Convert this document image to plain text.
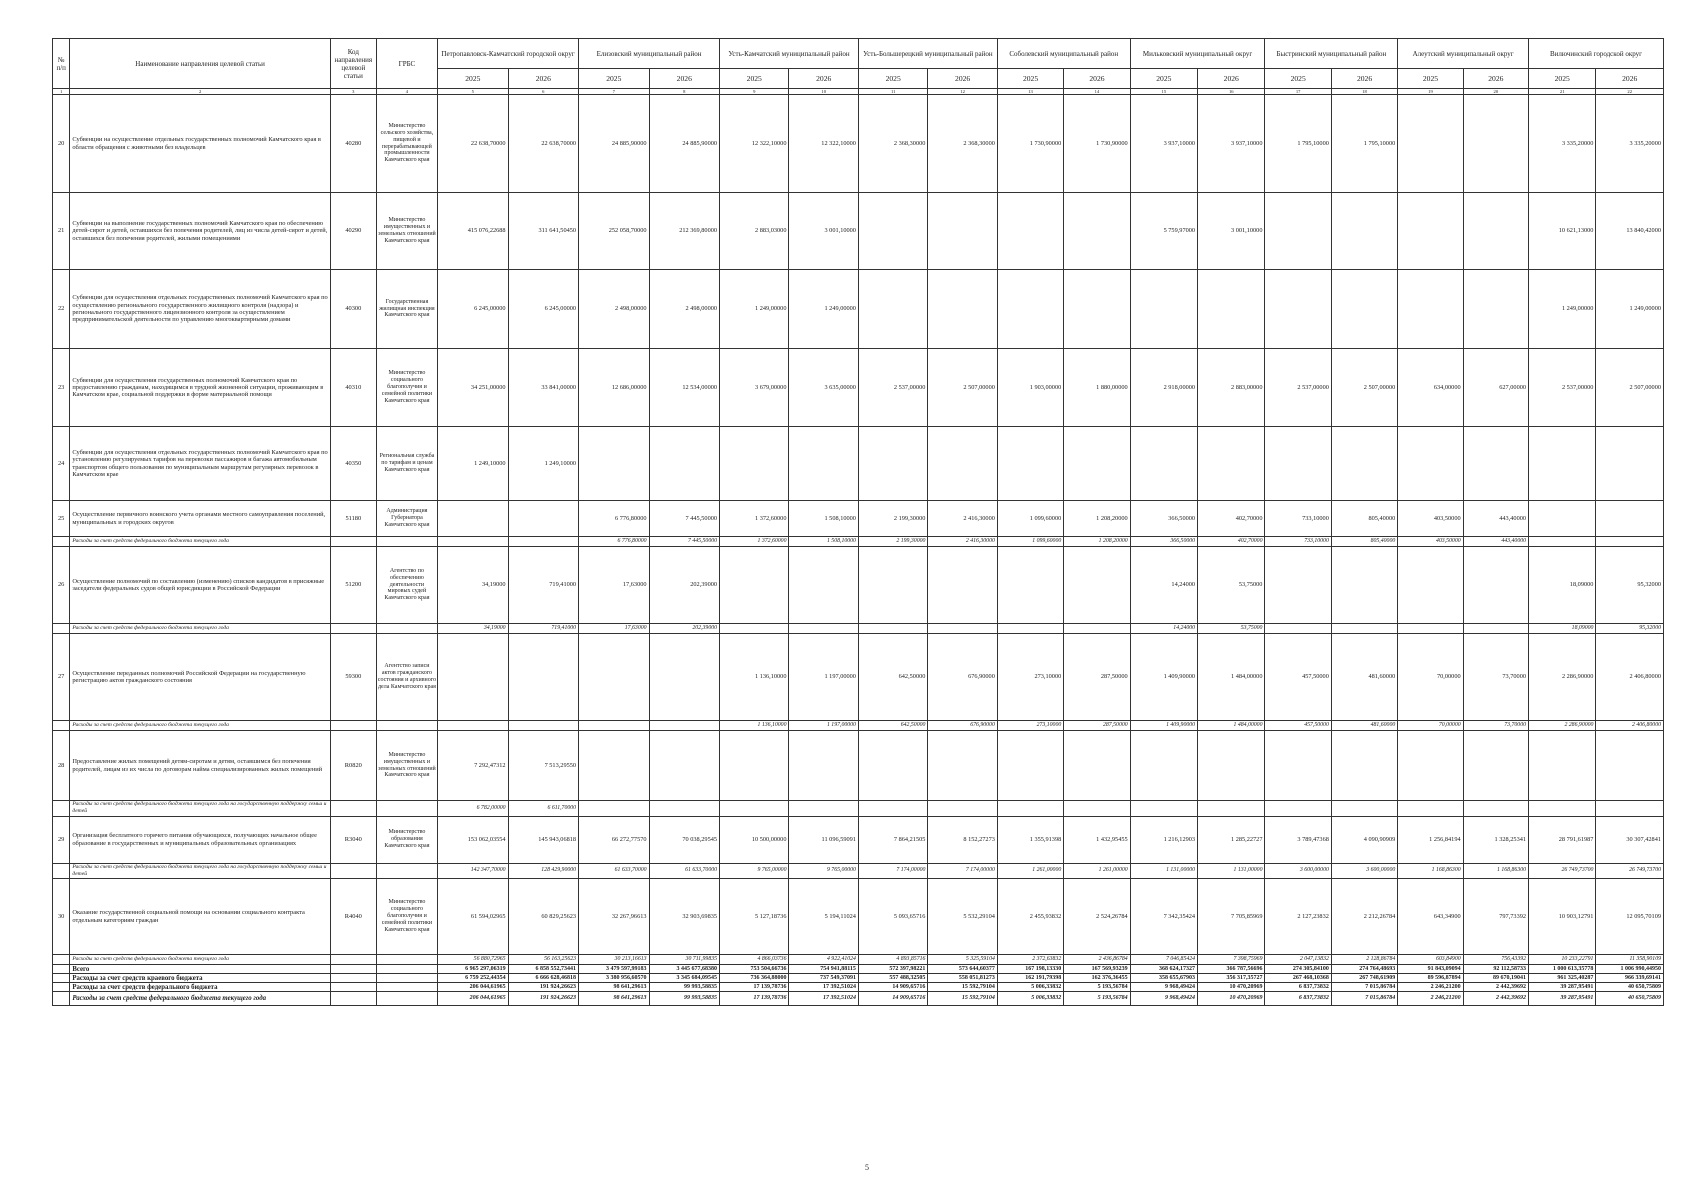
№ п/п	Наименование направления целевой статьи	Код направления целевой статьи	ГРБС	Петропавловск-Камчатский городской округ		Елизовский муниципальный район		Усть-Камчатский муниципальный район		Усть-Большерецкий муниципальный район		Соболевский муниципальный район		Мильковский муниципальный округ		Быстринский муниципальный район		Алеутский муниципальный округ		Вилючинский городской округ	
				2025	2026	2025	2026	2025	2026	2025	2026	2025	2026	2025	2026	2025	2026	2025	2026	2025	2026
1	2	3	4	5	6	7	8	9	10	11	12	13	14	15	16	17	18	19	20	21	22
20	Субвенции на осуществление отдельных государственных полномочий Камчатского края в области обращения с животными без владельцев	40280	Министерство сельского хозяйства, пищевой и перерабатывающей промышленности Камчатского края	22 638,70000	22 638,70000	24 885,90000	24 885,90000	12 322,10000	12 322,10000	2 368,30000	2 368,30000	1 730,90000	1 730,90000	3 937,10000	3 937,10000	1 795,10000	1 795,10000			3 335,20000	3 335,20000
21	Субвенции на выполнение государственных полномочий Камчатского края по обеспечению детей-сирот и детей, оставшихся без попечения родителей, лиц из числа детей-сирот и детей, оставшихся без попечения родителей, жилыми помещениями	40290	Министерство имущественных и земельных отношений Камчатского края	415 076,22688	311 641,50450	252 058,70000	212 369,80000	2 883,03000	3 001,10000					5 759,97000	3 001,10000					10 621,13000	13 840,42000
22	Субвенции для осуществления отдельных государственных полномочий Камчатского края по осуществлению регионального государственного жилищного контроля (надзора) и регионального государственного лицензионного контроля за осуществлением предпринимательской деятельности по управлению многоквартирными домами	40300	Государственная жилищная инспекция Камчатского края	6 245,00000	6 245,00000	2 498,00000	2 498,00000	1 249,00000	1 249,00000											1 249,00000	1 249,00000
23	Субвенции для осуществления государственных полномочий Камчатского края по предоставлению гражданам, находящимся в трудной жизненной ситуации, проживающим в Камчатском крае, социальной поддержки в форме материальной помощи	40310	Министерство социального благополучия и семейной политики Камчатского края	34 251,00000	33 841,00000	12 686,00000	12 534,00000	3 679,00000	3 635,00000	2 537,00000	2 507,00000	1 903,00000	1 880,00000	2 918,00000	2 883,00000	2 537,00000	2 507,00000	634,00000	627,00000	2 537,00000	2 507,00000
24	Субвенции для осуществления отдельных государственных полномочий Камчатского края по установлению регулируемых тарифов на перевозки пассажиров и багажа автомобильным транспортом общего пользования по муниципальным маршрутам регулярных перевозок в Камчатском крае	40350	Региональная служба по тарифам и ценам Камчатского края	1 249,10000	1 249,10000																
25	Осуществление первичного воинского учета органами местного самоуправления поселений, муниципальных и городских округов	51180	Администрация Губернатора Камчатского края			6 776,80000	7 445,50000	1 372,60000	1 508,10000	2 199,30000	2 416,30000	1 099,60000	1 208,20000	366,50000	402,70000	733,10000	805,40000	403,50000	443,40000		
	Расходы за счет средств федерального бюджета текущего года					6 776,80000	7 445,50000	1 372,60000	1 508,10000	2 199,30000	2 416,30000	1 099,60000	1 208,20000	366,50000	402,70000	733,10000	805,40000	403,50000	443,40000		
26	Осуществление полномочий по составлению (изменению) списков кандидатов в присяжные заседатели федеральных судов общей юрисдикции в Российской Федерации	51200	Агентство по обеспечению деятельности мировых судей Камчатского края	34,19000	719,41000	17,63000	202,39000							14,24000	53,75000					18,09000	95,32000
	Расходы за счет средств федерального бюджета текущего года			34,19000	719,41000	17,63000	202,39000							14,24000	53,75000					18,09000	95,32000
27	Осуществление переданных полномочий Российской Федерации на государственную регистрацию актов гражданского состояния	59300	Агентство записи актов гражданского состояния и архивного дела Камчатского края					1 136,10000	1 197,00000	642,50000	676,90000	273,10000	287,50000	1 409,90000	1 484,00000	457,50000	481,60000	70,00000	73,70000	2 286,90000	2 406,80000
	Расходы за счет средств федерального бюджета текущего года							1 136,10000	1 197,00000	642,50000	676,90000	273,10000	287,50000	1 409,90000	1 484,00000	457,50000	481,60000	70,00000	73,70000	2 286,90000	2 406,80000
28	Предоставление жилых помещений детям-сиротам и детям, оставшимся без попечения родителей, лицам из их числа по договорам найма специализированных жилых помещений	R0820	Министерство имущественных и земельных отношений Камчатского края	7 292,47312	7 513,29550																
	Расходы за счет средств федерального бюджета текущего года на государственную поддержку семьи и детей			6 782,00000	6 611,70000																
29	Организация бесплатного горячего питания обучающихся, получающих начальное общее образование в государственных и муниципальных образовательных организациях	R3040	Министерство образования Камчатского края	153 062,03554	145 943,06818	66 272,77570	70 038,29545	10 500,00000	11 096,59091	7 864,21505	8 152,27273	1 355,91398	1 432,95455	1 216,12903	1 285,22727	3 789,47368	4 090,90909	1 256,84194	1 328,25341	28 791,61987	30 307,42841
	Расходы за счет средств федерального бюджета текущего года на государственную поддержку семьи и детей			142 347,70000	128 429,90000	61 633,70000	61 633,70000	9 765,00000	9 765,00000	7 174,00000	7 174,00000	1 261,00000	1 261,00000	1 131,00000	1 131,00000	3 600,00000	3 600,00000	1 168,86300	1 168,86300	26 749,73700	26 749,73700
30	Оказание государственной социальной помощи на основании социального контракта отдельным категориям граждан	R4040	Министерство социального благополучия и семейной политики Камчатского края	61 594,02965	60 829,25623	32 267,96613	32 903,69835	5 127,18736	5 194,11024	5 093,65716	5 532,29104	2 455,93832	2 524,26784	7 342,35424	7 705,85969	2 127,23832	2 212,26784	643,34900	797,73392	10 903,12791	12 095,70109
	Расходы за счет средств федерального бюджета текущего года			56 880,72965	56 163,25623	30 213,16613	30 711,99835	4 866,03736	4 922,41024	4 893,85716	5 325,59104	2 372,63832	2 436,86784	7 046,85424	7 398,75969	2 047,13832	2 128,86784	603,84900	756,43392	10 233,22791	11 358,90109
	Всего			6 965 297,06319	6 858 552,73441	3 479 597,99183	3 445 677,68380	753 504,66736	754 941,88115	572 397,98221	573 644,60377	167 198,13330	167 569,93239	368 624,17327	366 787,56696	274 305,84100	274 764,48693	91 843,09094	92 112,58733	1 000 613,35778	1 006 990,44950
	Расходы за счет средств краевого бюджета			6 759 252,44354	6 666 628,46818	3 380 956,60570	3 345 684,09545	736 364,88000	737 549,37091	557 488,32505	558 051,81273	162 191,79398	162 376,36455	358 655,67903	356 317,35727	267 468,10368	267 748,61909	89 596,87894	89 670,19041	961 325,40287	966 339,69141
	Расходы за счет средств федерального бюджета			206 044,61965	191 924,26623	98 641,29613	99 993,58835	17 139,78736	17 392,51024	14 909,65716	15 592,79104	5 006,33832	5 193,56784	9 968,49424	10 470,20969	6 837,73832	7 015,86784	2 246,21200	2 442,39692	39 287,95491	40 650,75809
	Расходы за счет средств федерального бюджета текущего года			206 044,61965	191 924,26623	98 641,29613	99 993,58835	17 139,78736	17 392,51024	14 909,65716	15 592,79104	5 006,33832	5 193,56784	9 968,49424	10 470,20969	6 837,73832	7 015,86784	2 246,21200	2 442,39692	39 287,95491	40 650,75809
5
